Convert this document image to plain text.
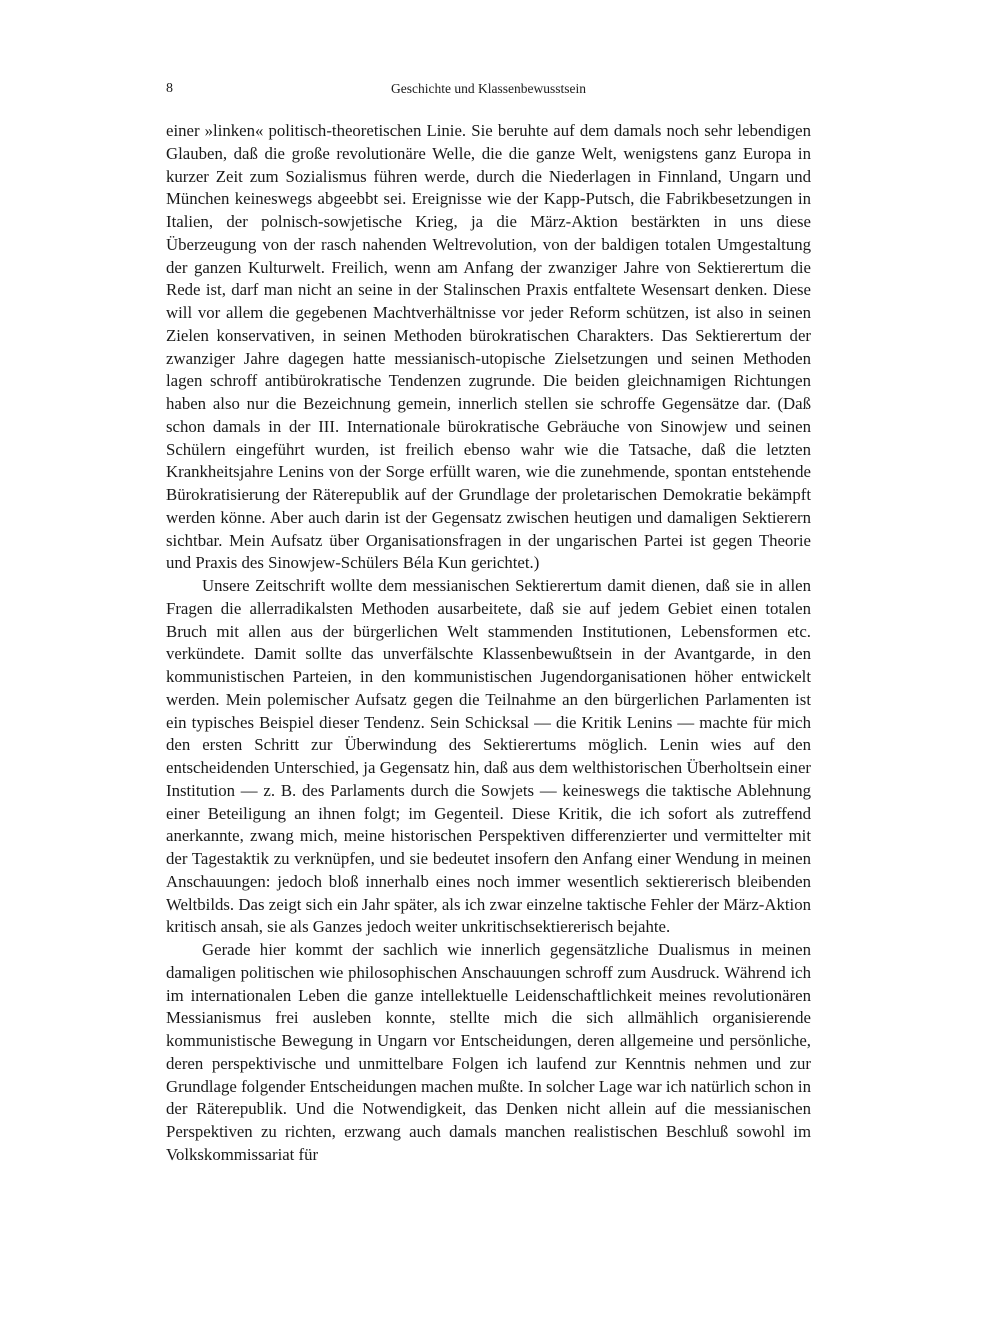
8	Geschichte und Klassenbewusstsein

einer »linken« politisch-theoretischen Linie. Sie beruhte auf dem damals noch sehr lebendigen Glauben, daß die große revolutionäre Welle, die die ganze Welt, wenigstens ganz Europa in kurzer Zeit zum Sozialismus führen werde, durch die Niederlagen in Finnland, Ungarn und München keineswegs abgeebbt sei. Ereignisse wie der Kapp-Putsch, die Fabrikbesetzungen in Italien, der polnisch-sowjetische Krieg, ja die März-Aktion bestärkten in uns diese Überzeugung von der rasch nahenden Weltrevolution, von der baldigen totalen Umgestaltung der ganzen Kulturwelt. Freilich, wenn am Anfang der zwanziger Jahre von Sektierertum die Rede ist, darf man nicht an seine in der Stalinschen Praxis entfaltete Wesensart denken. Diese will vor allem die gegebenen Machtverhältnisse vor jeder Reform schützen, ist also in seinen Zielen konservativen, in seinen Methoden bürokratischen Charakters. Das Sektierertum der zwanziger Jahre dagegen hatte messianisch-utopische Zielsetzungen und seinen Methoden lagen schroff antibürokratische Tendenzen zugrunde. Die beiden gleichnamigen Richtungen haben also nur die Bezeichnung gemein, innerlich stellen sie schroffe Gegensätze dar. (Daß schon damals in der III. Internationale bürokratische Gebräuche von Sinowjew und seinen Schülern eingeführt wurden, ist freilich ebenso wahr wie die Tatsache, daß die letzten Krankheitsjahre Lenins von der Sorge erfüllt waren, wie die zunehmende, spontan entstehende Bürokratisierung der Räterepublik auf der Grundlage der proletarischen Demokratie bekämpft werden könne. Aber auch darin ist der Gegensatz zwischen heutigen und damaligen Sektierern sichtbar. Mein Aufsatz über Organisationsfragen in der ungarischen Partei ist gegen Theorie und Praxis des Sinowjew-Schülers Béla Kun gerichtet.)

Unsere Zeitschrift wollte dem messianischen Sektierertum damit dienen, daß sie in allen Fragen die allerradikalsten Methoden ausarbeitete, daß sie auf jedem Gebiet einen totalen Bruch mit allen aus der bürgerlichen Welt stammenden Institutionen, Lebensformen etc. verkündete. Damit sollte das unverfälschte Klassenbewußtsein in der Avantgarde, in den kommunistischen Parteien, in den kommunistischen Jugendorganisationen höher entwickelt werden. Mein polemischer Aufsatz gegen die Teilnahme an den bürgerlichen Parlamenten ist ein typisches Beispiel dieser Tendenz. Sein Schicksal — die Kritik Lenins — machte für mich den ersten Schritt zur Überwindung des Sektierertums möglich. Lenin wies auf den entscheidenden Unterschied, ja Gegensatz hin, daß aus dem welthistorischen Überholtsein einer Institution — z. B. des Parlaments durch die Sowjets — keineswegs die taktische Ablehnung einer Beteiligung an ihnen folgt; im Gegenteil. Diese Kritik, die ich sofort als zutreffend anerkannte, zwang mich, meine historischen Perspektiven differenzierter und vermittelter mit der Tagestaktik zu verknüpfen, und sie bedeutet insofern den Anfang einer Wendung in meinen Anschauungen: jedoch bloß innerhalb eines noch immer wesentlich sektiererisch bleibenden Weltbilds. Das zeigt sich ein Jahr später, als ich zwar einzelne taktische Fehler der März-Aktion kritisch ansah, sie als Ganzes jedoch weiter unkritischsektiererisch bejahte.

Gerade hier kommt der sachlich wie innerlich gegensätzliche Dualismus in meinen damaligen politischen wie philosophischen Anschauungen schroff zum Ausdruck. Während ich im internationalen Leben die ganze intellektuelle Leidenschaftlichkeit meines revolutionären Messianismus frei ausleben konnte, stellte mich die sich allmählich organisierende kommunistische Bewegung in Ungarn vor Entscheidungen, deren allgemeine und persönliche, deren perspektivische und unmittelbare Folgen ich laufend zur Kenntnis nehmen und zur Grundlage folgender Entscheidungen machen mußte. In solcher Lage war ich natürlich schon in der Räterepublik. Und die Notwendigkeit, das Denken nicht allein auf die messianischen Perspektiven zu richten, erzwang auch damals manchen realistischen Beschluß sowohl im Volkskommissariat für
